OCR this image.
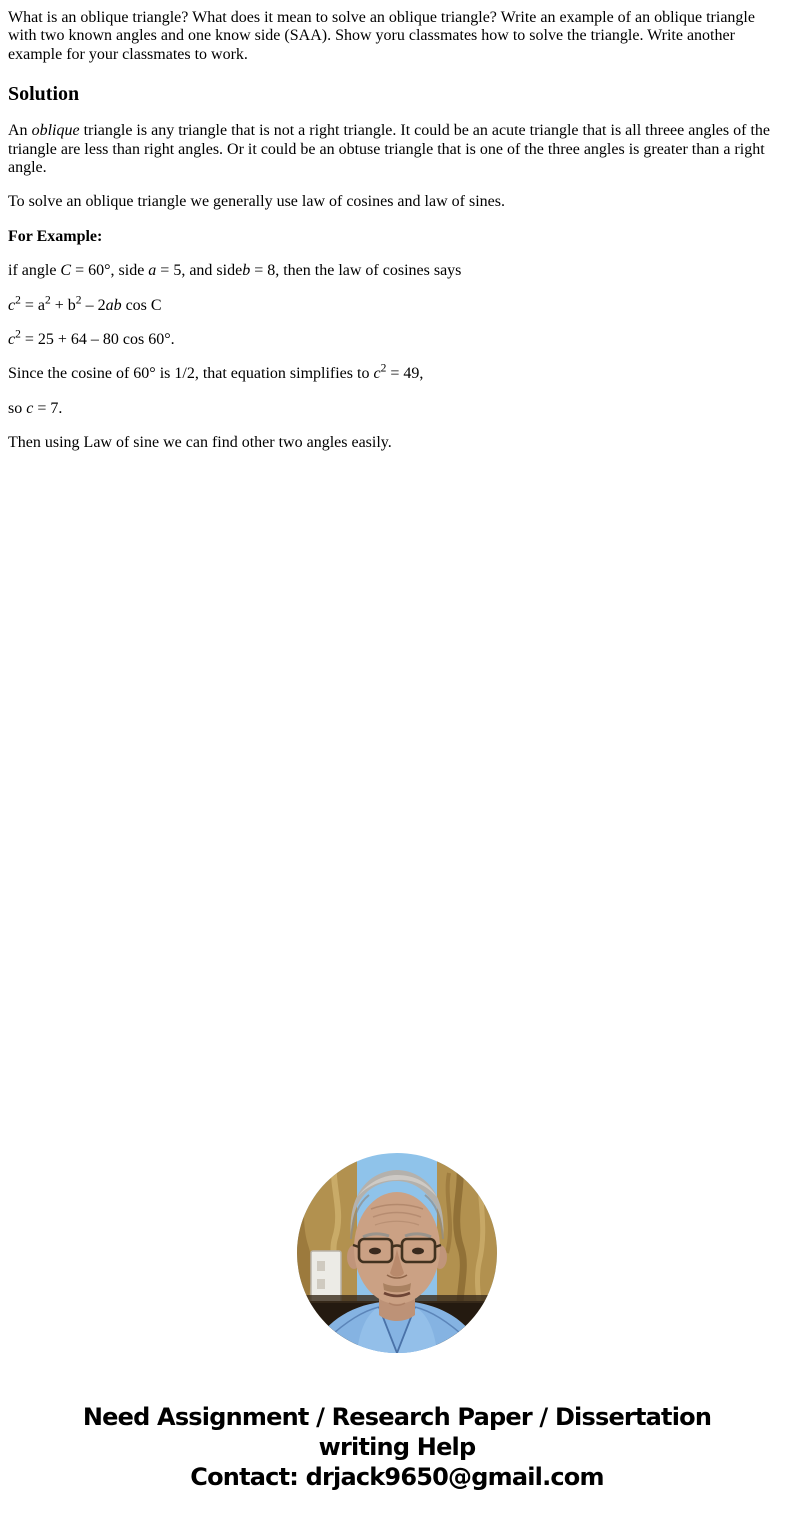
What is an oblique triangle? What does it mean to solve an oblique triangle? Write an example of an oblique triangle with two known angles and one know side (SAA). Show yoru classmates how to solve the triangle. Write another example for your classmates to work.

Solution

An oblique triangle is any triangle that is not a right triangle. It could be an acute triangle that is all threee angles of the triangle are less than right angles. Or it could be an obtuse triangle that is one of the three angles is greater than a right angle.

To solve an oblique triangle we generally use law of cosines and law of sines.

For Example:

if angle C = 60°, side a = 5, and sideb = 8, then the law of cosines says

$c^2 = a^2 + b^2 - 2ab$ cos C

$c^2 = 25 + 64 - 80$ cos 60°.

Since the cosine of 60° is 1/2, that equation simplifies to $c^2 = 49$,

so c = 7.

Then using Law of sine we can find other two angles easily.

Need Assignment / Research Paper / Dissertation
writing Help
Contact: drjack9650@gmail.com
